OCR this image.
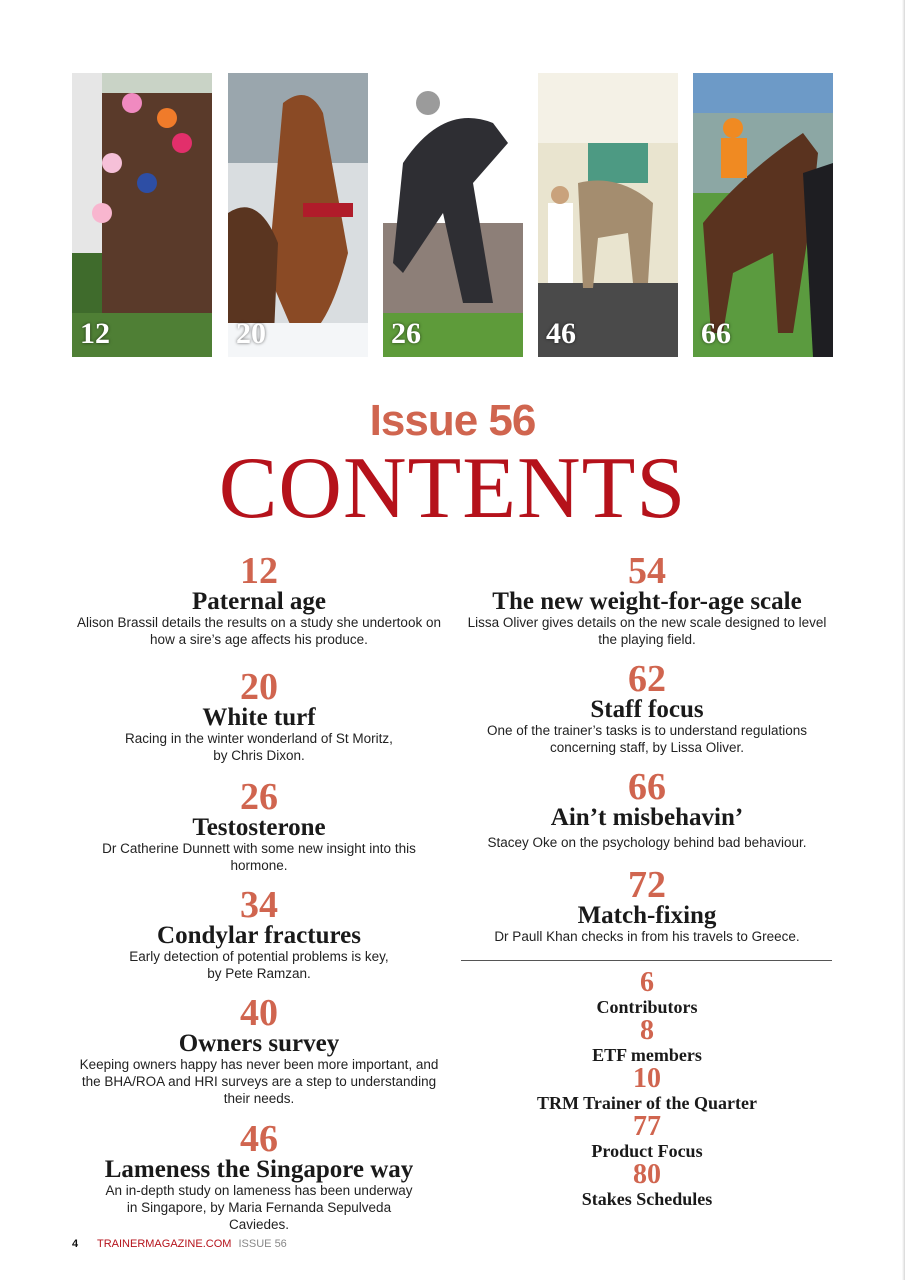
12	20	26	46	66
Issue 56
CONTENTS
12
Paternal age
Alison Brassil details the results on a study she undertook on how a sire’s age affects his produce.
20
White turf
Racing in the winter wonderland of St Moritz, by Chris Dixon.
26
Testosterone
Dr Catherine Dunnett with some new insight into this hormone.
34
Condylar fractures
Early detection of potential problems is key, by Pete Ramzan.
40
Owners survey
Keeping owners happy has never been more important, and the BHA/ROA and HRI surveys are a step to understanding their needs.
46
Lameness the Singapore way
An in-depth study on lameness has been underway in Singapore, by Maria Fernanda Sepulveda Caviedes.
54
The new weight-for-age scale
Lissa Oliver gives details on the new scale designed to level the playing field.
62
Staff focus
One of the trainer’s tasks is to understand regulations concerning staff, by Lissa Oliver.
66
Ain’t misbehavin’
Stacey Oke on the psychology behind bad behaviour.
72
Match-fixing
Dr Paull Khan checks in from his travels to Greece.
6
Contributors
8
ETF members
10
TRM Trainer of the Quarter
77
Product Focus
80
Stakes Schedules
4 TRAINERMAGAZINE.COM ISSUE 56
